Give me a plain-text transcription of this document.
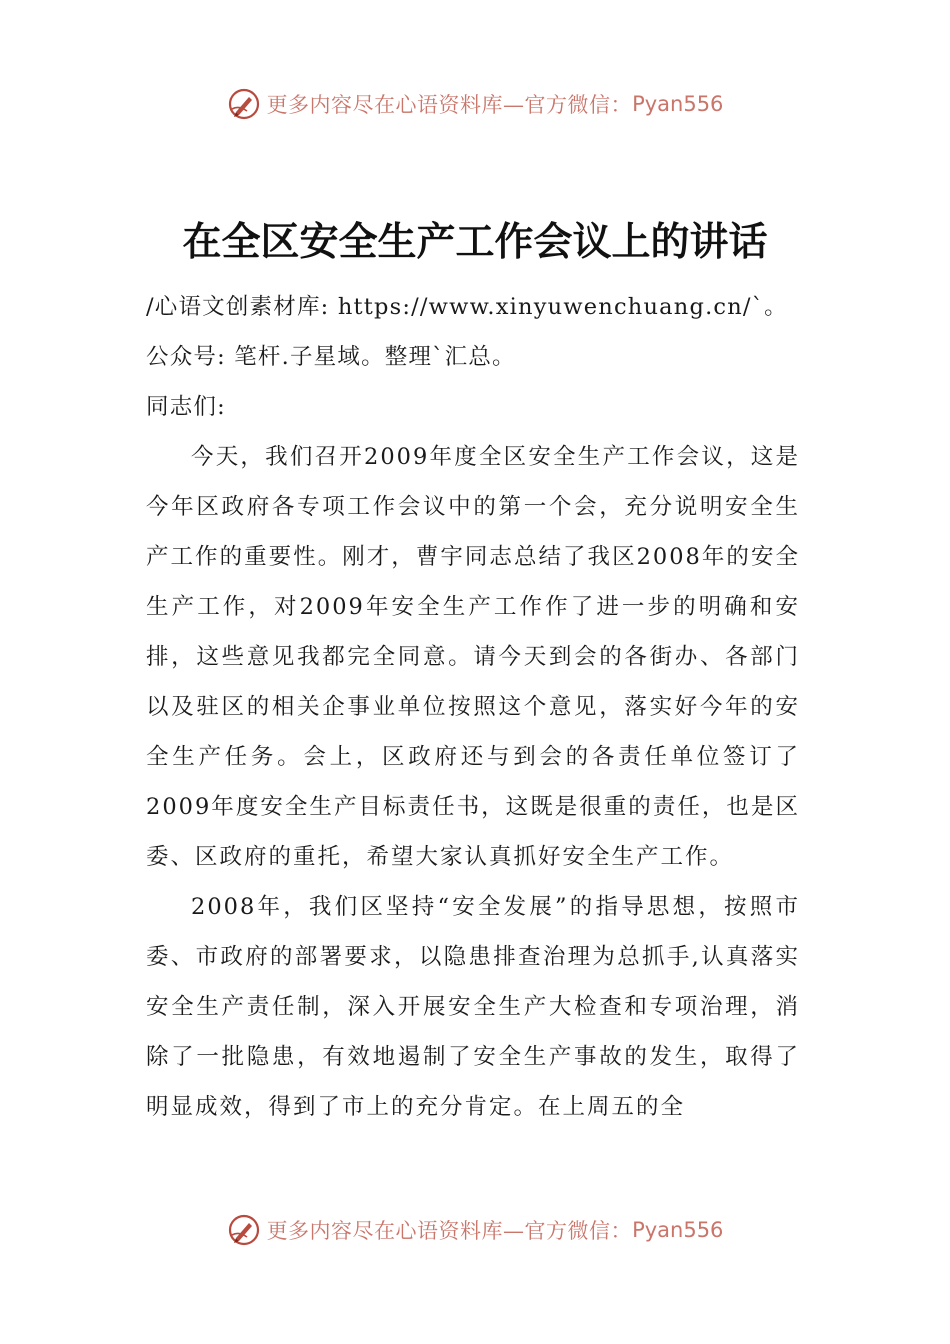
更多内容尽在心语资料库—官方微信： Pyan556
在全区安全生产工作会议上的讲话

/心语文创素材库: https://www.xinyuwenchuang.cn/`。

公众号: 笔杆.子星域。整理`汇总。

同志们:

今天，我们召开2009年度全区安全生产工作会议，这是今年区政府各专项工作会议中的第一个会，充分说明安全生产工作的重要性。刚才，曹宇同志总结了我区2008年的安全生产工作，对2009年安全生产工作作了进一步的明确和安排，这些意见我都完全同意。请今天到会的各街办、各部门以及驻区的相关企事业单位按照这个意见，落实好今年的安全生产任务。会上，区政府还与到会的各责任单位签订了2009年度安全生产目标责任书，这既是很重的责任，也是区委、区政府的重托，希望大家认真抓好安全生产工作。

2008年，我们区坚持“安全发展”的指导思想，按照市委、市政府的部署要求，以隐患排查治理为总抓手,认真落实安全生产责任制，深入开展安全生产大检查和专项治理，消除了一批隐患，有效地遏制了安全生产事故的发生，取得了明显成效，得到了市上的充分肯定。在上周五的全

更多内容尽在心语资料库—官方微信： Pyan556
